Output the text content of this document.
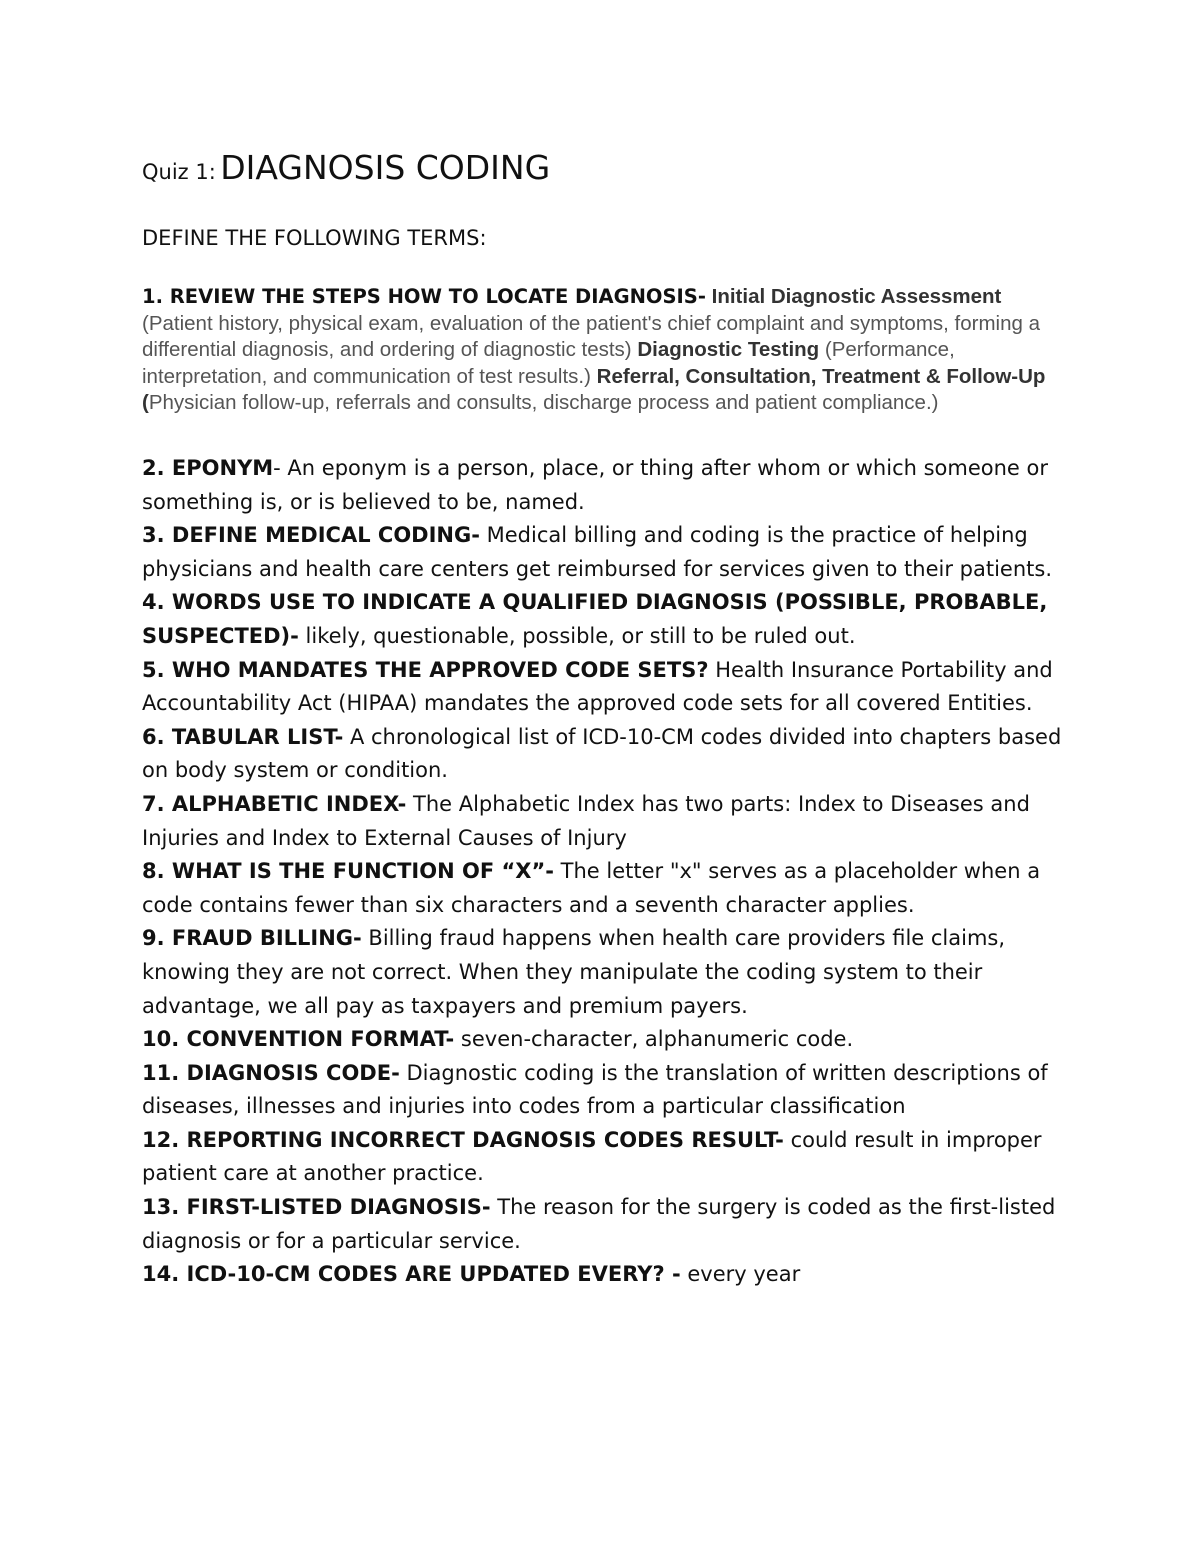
Quiz 1: DIAGNOSIS CODING
DEFINE THE FOLLOWING TERMS:
1. REVIEW THE STEPS HOW TO LOCATE DIAGNOSIS- Initial Diagnostic Assessment (Patient history, physical exam, evaluation of the patient's chief complaint and symptoms, forming a differential diagnosis, and ordering of diagnostic tests) Diagnostic Testing (Performance, interpretation, and communication of test results.) Referral, Consultation, Treatment & Follow-Up (Physician follow-up, referrals and consults, discharge process and patient compliance.)

2. EPONYM- An eponym is a person, place, or thing after whom or which someone or something is, or is believed to be, named.

3. DEFINE MEDICAL CODING- Medical billing and coding is the practice of helping physicians and health care centers get reimbursed for services given to their patients.

4. WORDS USE TO INDICATE A QUALIFIED DIAGNOSIS (POSSIBLE, PROBABLE, SUSPECTED)- likely, questionable, possible, or still to be ruled out.

5. WHO MANDATES THE APPROVED CODE SETS? Health Insurance Portability and Accountability Act (HIPAA) mandates the approved code sets for all covered Entities.

6. TABULAR LIST- A chronological list of ICD-10-CM codes divided into chapters based on body system or condition.

7. ALPHABETIC INDEX- The Alphabetic Index has two parts: Index to Diseases and Injuries and Index to External Causes of Injury

8. WHAT IS THE FUNCTION OF “X”- The letter "x" serves as a placeholder when a code contains fewer than six characters and a seventh character applies.

9. FRAUD BILLING- Billing fraud happens when health care providers file claims, knowing they are not correct. When they manipulate the coding system to their advantage, we all pay as taxpayers and premium payers.

10. CONVENTION FORMAT- seven-character, alphanumeric code.

11. DIAGNOSIS CODE- Diagnostic coding is the translation of written descriptions of diseases, illnesses and injuries into codes from a particular classification

12. REPORTING INCORRECT DAGNOSIS CODES RESULT- could result in improper patient care at another practice.

13. FIRST-LISTED DIAGNOSIS- The reason for the surgery is coded as the first-listed diagnosis or for a particular service.

14. ICD-10-CM CODES ARE UPDATED EVERY? - every year
